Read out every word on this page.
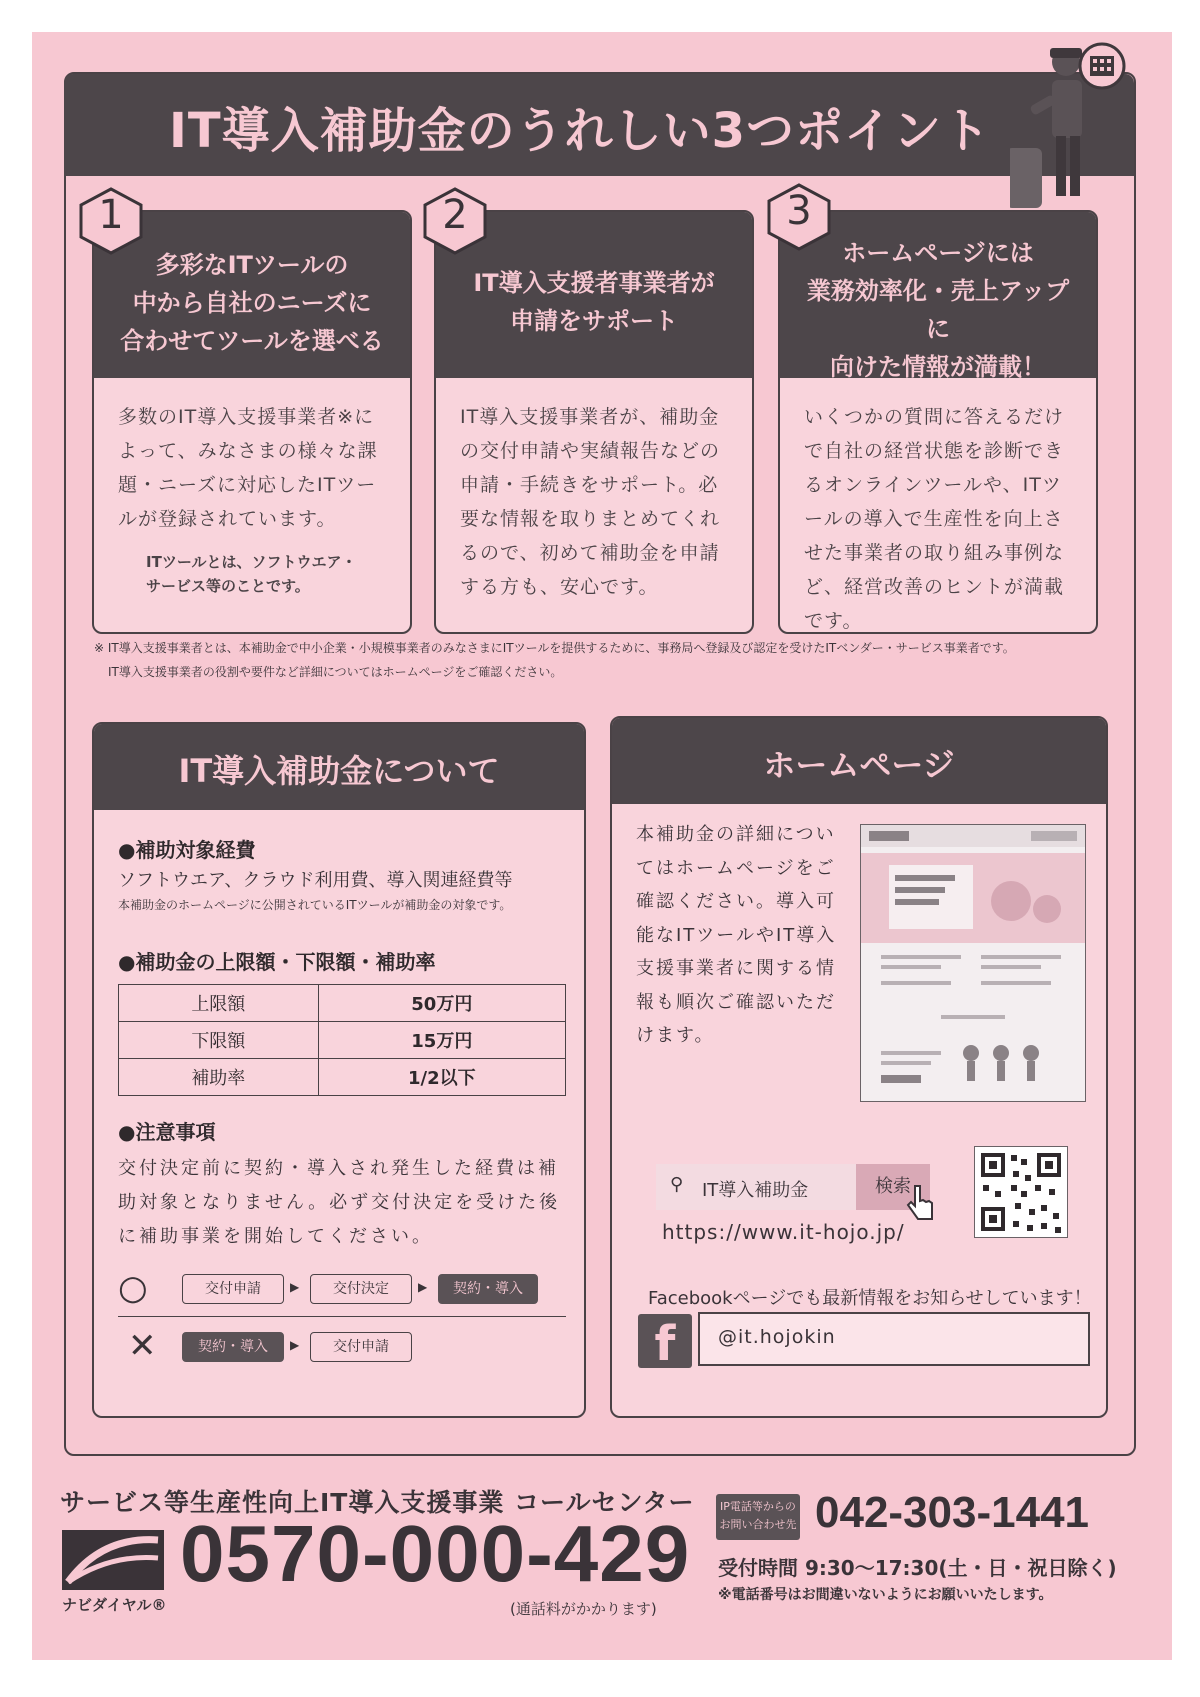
IT導入補助金のうれしい3つポイント
多彩なITツールの
中から自社のニーズに
合わせてツールを選べる
多数のIT導入支援事業者※によって、みなさまの様々な課題・ニーズに対応したITツールが登録されています。
ITツールとは、ソフトウエア・
サービス等のことです。
1
IT導入支援者事業者が
申請をサポート
IT導入支援事業者が、補助金の交付申請や実績報告などの申請・手続きをサポート。必要な情報を取りまとめてくれるので、初めて補助金を申請する方も、安心です。
2
ホームページには
業務効率化・売上アップに
向けた情報が満載！
いくつかの質問に答えるだけで自社の経営状態を診断できるオンラインツールや、ITツールの導入で生産性を向上させた事業者の取り組み事例など、経営改善のヒントが満載です。
3
※ IT導入支援事業者とは、本補助金で中小企業・小規模事業者のみなさまにITツールを提供するために、事務局へ登録及び認定を受けたITベンダー・サービス事業者です。
IT導入支援事業者の役割や要件など詳細についてはホームページをご確認ください。
IT導入補助金について
●補助対象経費
ソフトウエア、クラウド利用費、導入関連経費等
本補助金のホームページに公開されているITツールが補助金の対象です。
●補助金の上限額・下限額・補助率
上限額	50万円
下限額	15万円
補助率	1/2以下
●注意事項
交付決定前に契約・導入され発生した経費は補助対象となりません。必ず交付決定を受けた後に補助事業を開始してください。
○	交付申請	▶	交付決定	▶	契約・導入
✕	契約・導入	▶	交付申請
ホームページ
本補助金の詳細についてはホームページをご確認ください。導入可能なITツールやIT導入支援事業者に関する情報も順次ご確認いただけます。
⚲ IT導入補助金	検索
https://www.it-hojo.jp/
Facebookページでも最新情報をお知らせしています！
f	@it.hojokin
サービス等生産性向上IT導入支援事業 コールセンター
ナビダイヤル®
0570-000-429
(通話料がかかります)
IP電話等からの
お問い合わせ先 042-303-1441
受付時間 9:30〜17:30(土・日・祝日除く)
※電話番号はお間違いないようにお願いいたします。
